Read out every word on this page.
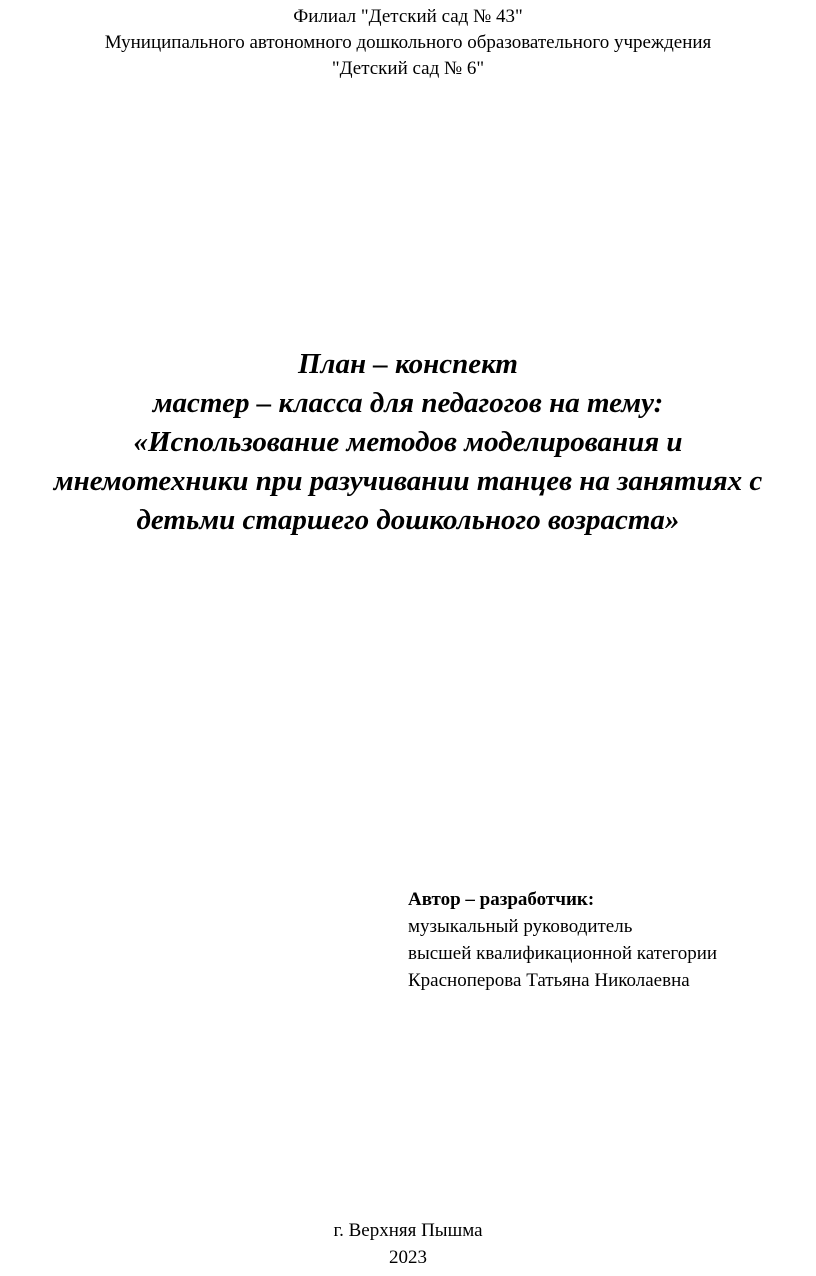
Филиал "Детский сад № 43"
Муниципального автономного дошкольного образовательного учреждения
"Детский сад № 6"
План – конспект
мастер – класса для педагогов на тему:
«Использование методов моделирования и
мнемотехники при разучивании танцев на занятиях с
детьми старшего дошкольного возраста»
Автор – разработчик:
музыкальный руководитель
высшей квалификационной категории
Красноперова Татьяна Николаевна
г. Верхняя Пышма
2023
